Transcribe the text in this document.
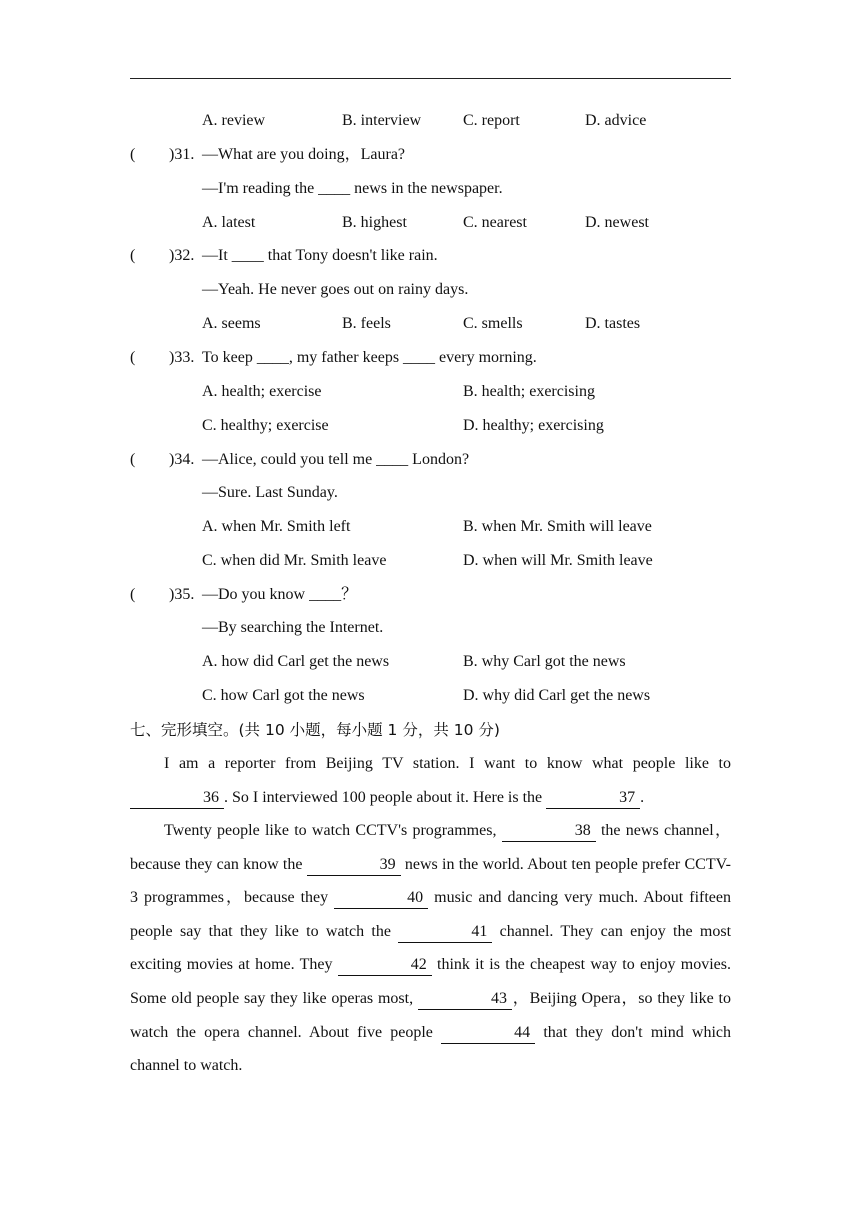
A. review	B. interview	C. report	D. advice
( )31. —What are you doing，Laura?
—I'm reading the ____ news in the newspaper.
A. latest	B. highest	C. nearest	D. newest
( )32. —It ____ that Tony doesn't like rain.
—Yeah. He never goes out on rainy days.
A. seems	B. feels	C. smells	D. tastes
( )33. To keep ____, my father keeps ____ every morning.
A. health; exercise	B. health; exercising
C. healthy; exercise	D. healthy; exercising
( )34. —Alice, could you tell me ____ London?
—Sure. Last Sunday.
A. when Mr. Smith left	B. when Mr. Smith will leave
C. when did Mr. Smith leave	D. when will Mr. Smith leave
( )35. —Do you know ____？
—By searching the Internet.
A. how did Carl get the news	B. why Carl got the news
C. how Carl got the news	D. why did Carl get the news
七、完形填空。(共 10 小题，每小题 1 分，共 10 分)
I am a reporter from Beijing TV station. I want to know what people like to 36 . So I interviewed 100 people about it. Here is the	37 .
Twenty people like to watch CCTV's programmes,	38 the news channel，because they can know the	39 news in the world. About ten people prefer CCTV-3 programmes，because they	40 music and dancing very much. About fifteen people say that they like to watch the	41 channel. They can enjoy the most exciting movies at home. They	42 think it is the cheapest way to enjoy movies. Some old people say they like operas most,	43 ，Beijing Opera，so they like to watch the opera channel. About five people	44 that they don't mind which channel to watch.
